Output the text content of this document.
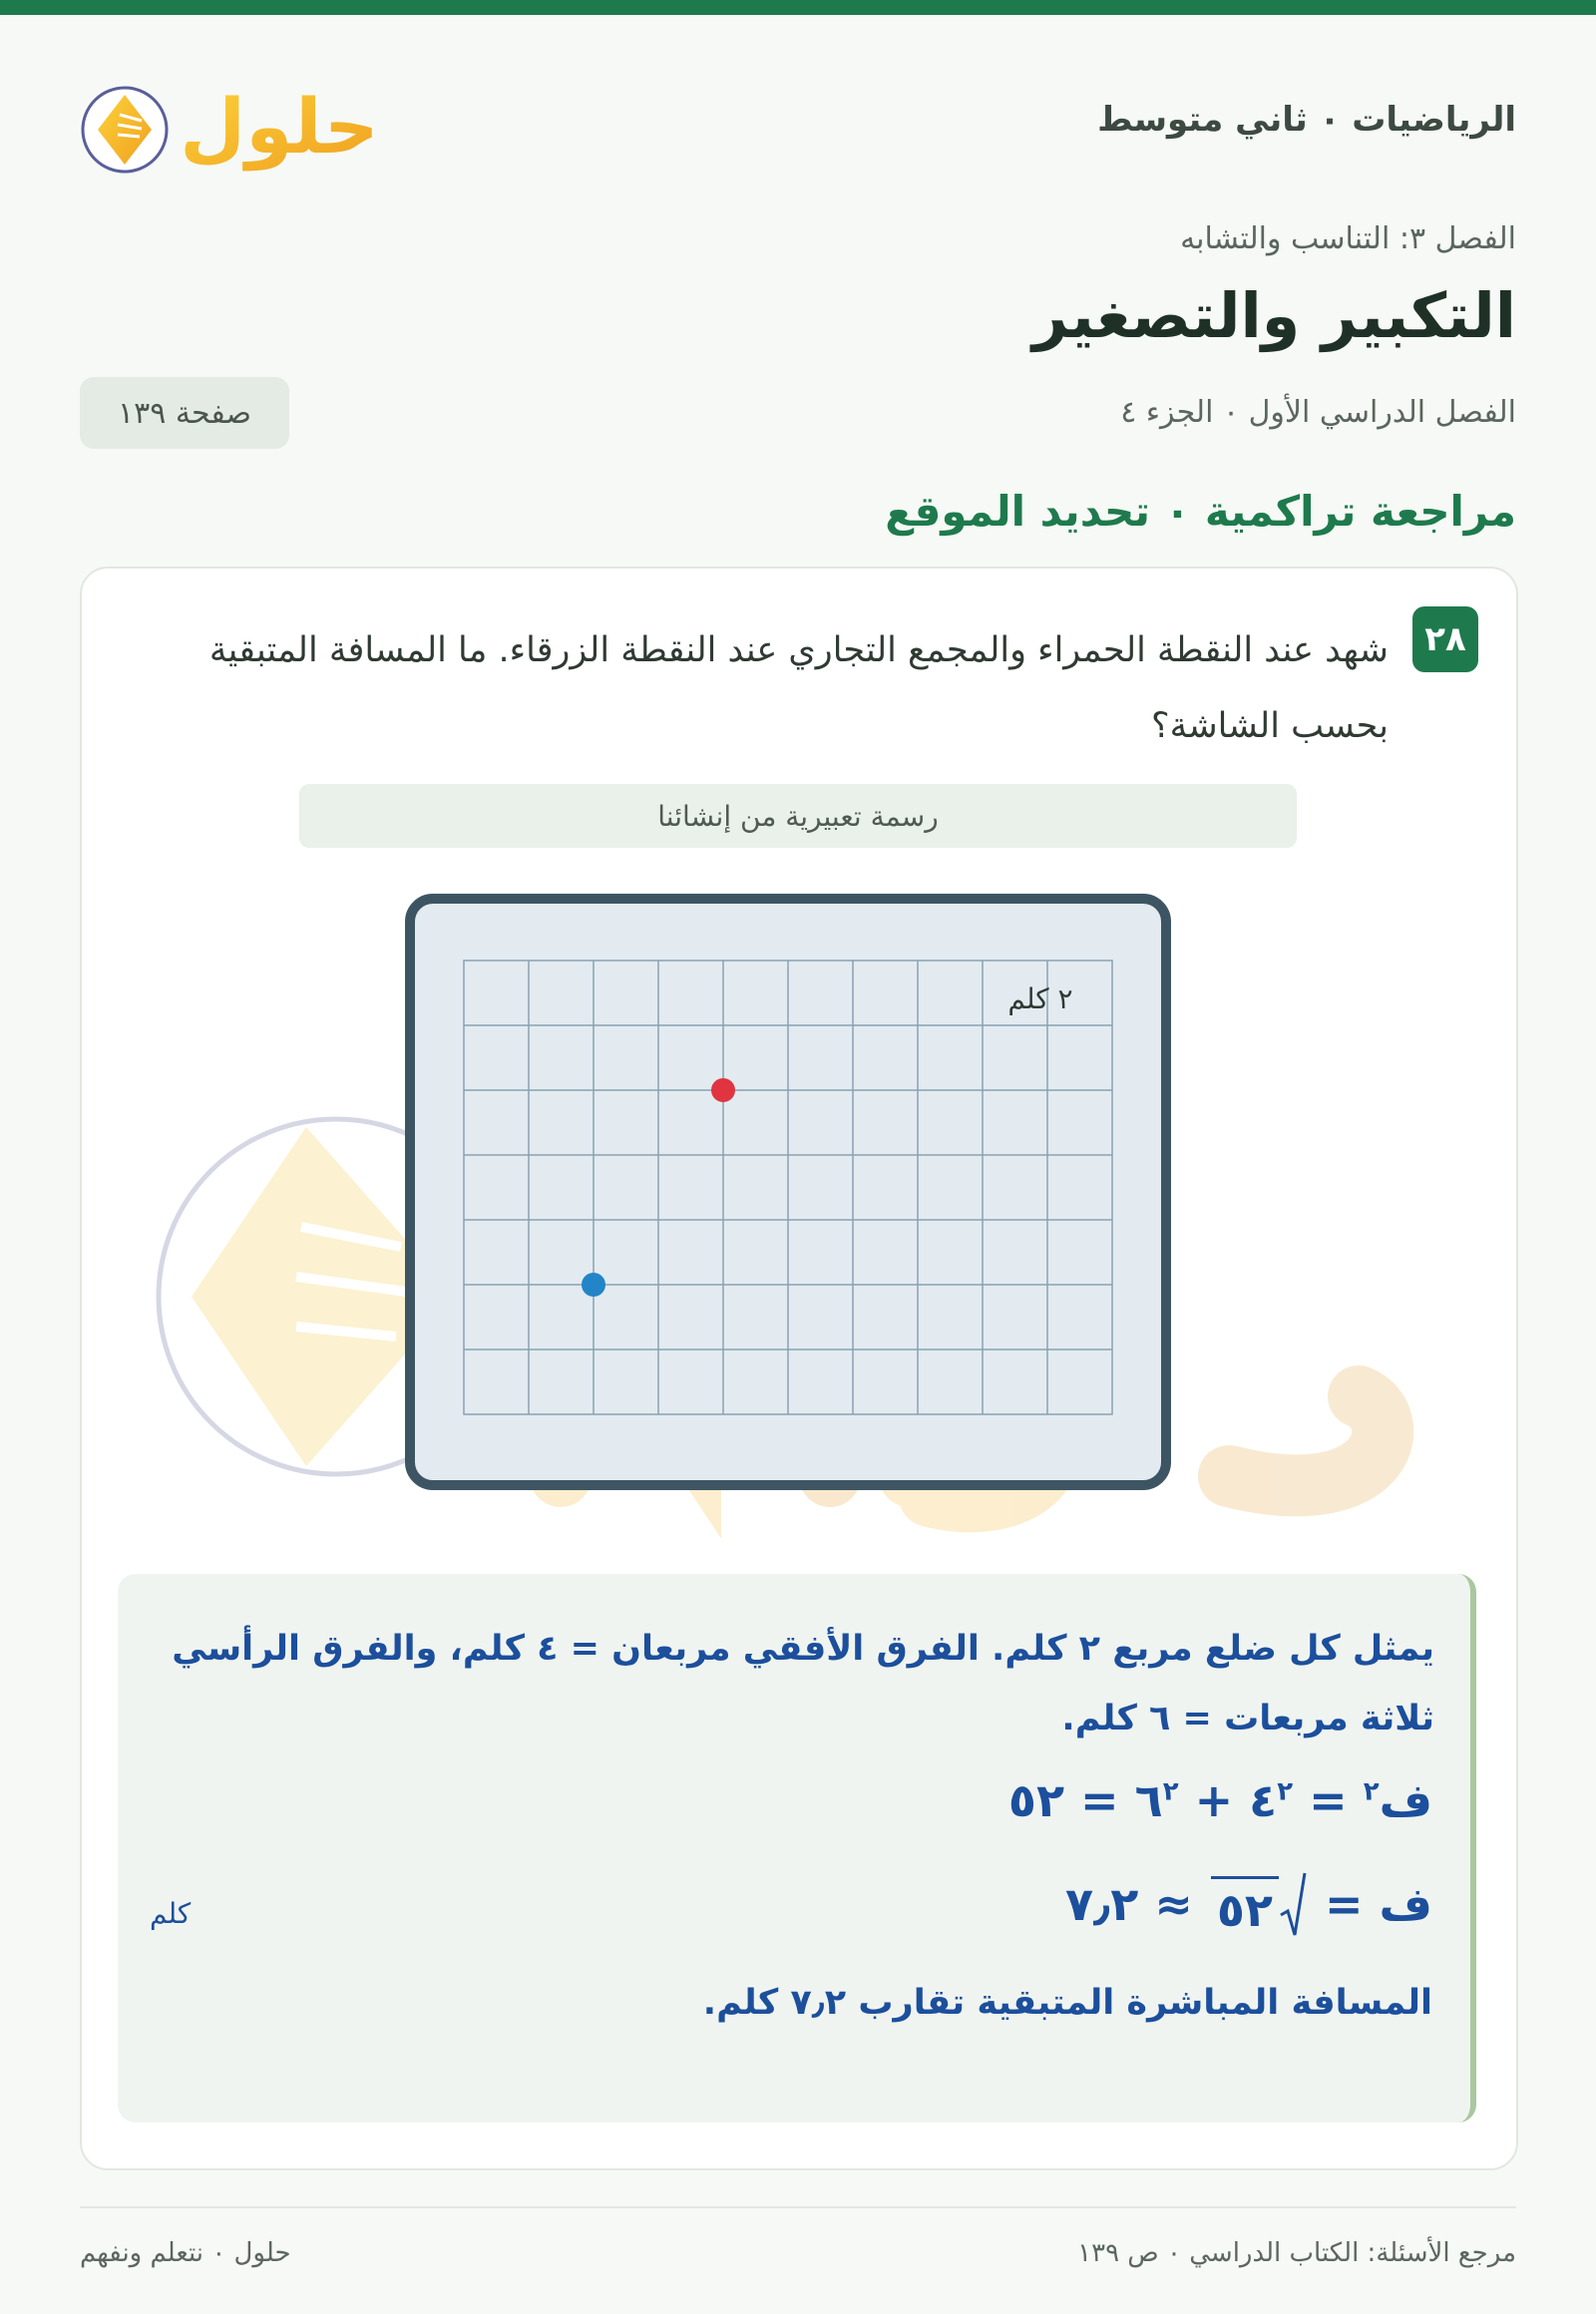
الرياضيات ٠ ثاني متوسط
حلول
الفصل ٣: التناسب والتشابه
التكبير والتصغير
الفصل الدراسي الأول ٠ الجزء ٤
صفحة ١٣٩
مراجعة تراكمية ٠ تحديد الموقع
٢٨
شهد عند النقطة الحمراء والمجمع التجاري عند النقطة الزرقاء. ما المسافة المتبقية بحسب الشاشة؟
رسمة تعبيرية من إنشائنا
٢ كلم
يمثل كل ضلع مربع ٢ كلم. الفرق الأفقي مربعان = ٤ كلم، والفرق الرأسي ثلاثة مربعات = ٦ كلم.
ف$^٢$ = $٤^٢$ + $٦^٢$ = ٥٢
ف =
٥٢
≈ ٧٫٢
كلم
المسافة المباشرة المتبقية تقارب ٧٫٢ كلم.
مرجع الأسئلة: الكتاب الدراسي ٠ ص ١٣٩
حلول ٠ نتعلم ونفهم
